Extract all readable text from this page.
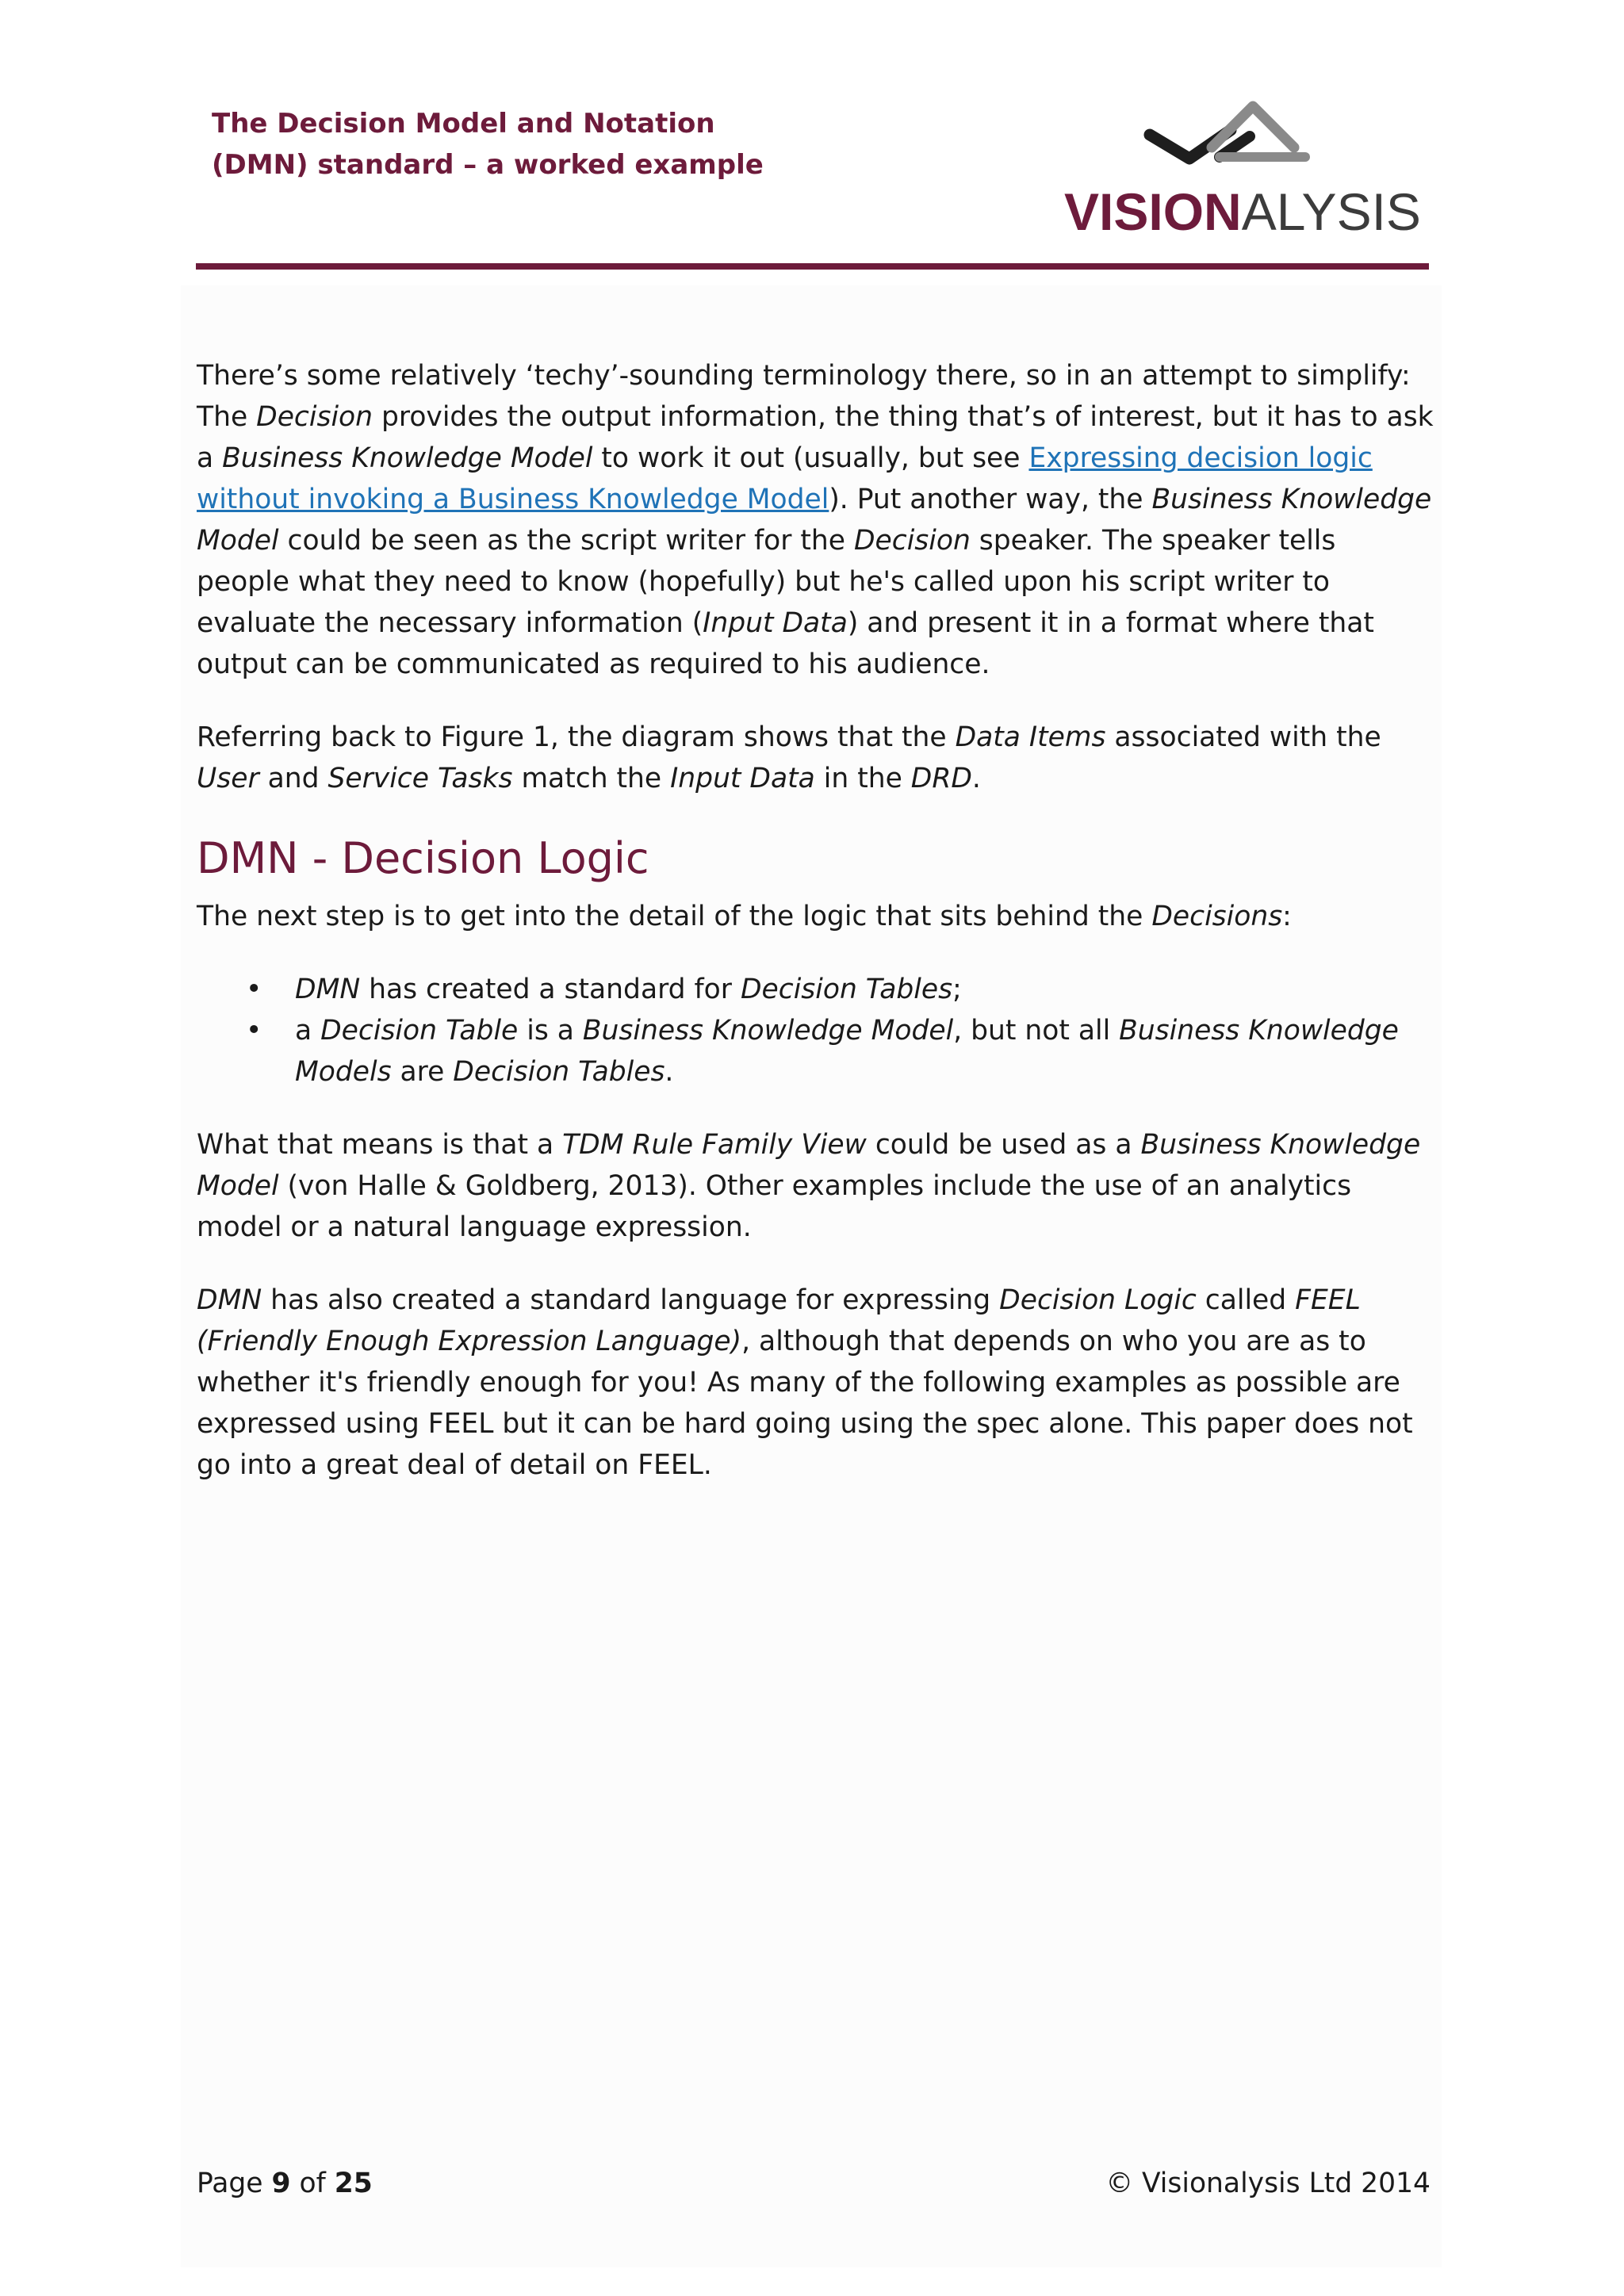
The Decision Model and Notation
(DMN) standard – a worked example
VISIONALYSIS

There’s some relatively ‘techy’-sounding terminology there, so in an attempt to simplify: The Decision provides the output information, the thing that’s of interest, but it has to ask a Business Knowledge Model to work it out (usually, but see Expressing decision logic without invoking a Business Knowledge Model). Put another way, the Business Knowledge Model could be seen as the script writer for the Decision speaker. The speaker tells people what they need to know (hopefully) but he's called upon his script writer to evaluate the necessary information (Input Data) and present it in a format where that output can be communicated as required to his audience.

Referring back to Figure 1, the diagram shows that the Data Items associated with the User and Service Tasks match the Input Data in the DRD.

DMN - Decision Logic

The next step is to get into the detail of the logic that sits behind the Decisions:

• DMN has created a standard for Decision Tables;
• a Decision Table is a Business Knowledge Model, but not all Business Knowledge Models are Decision Tables.

What that means is that a TDM Rule Family View could be used as a Business Knowledge Model (von Halle & Goldberg, 2013). Other examples include the use of an analytics model or a natural language expression.

DMN has also created a standard language for expressing Decision Logic called FEEL (Friendly Enough Expression Language), although that depends on who you are as to whether it's friendly enough for you! As many of the following examples as possible are expressed using FEEL but it can be hard going using the spec alone. This paper does not go into a great deal of detail on FEEL.

Page 9 of 25	© Visionalysis Ltd 2014
